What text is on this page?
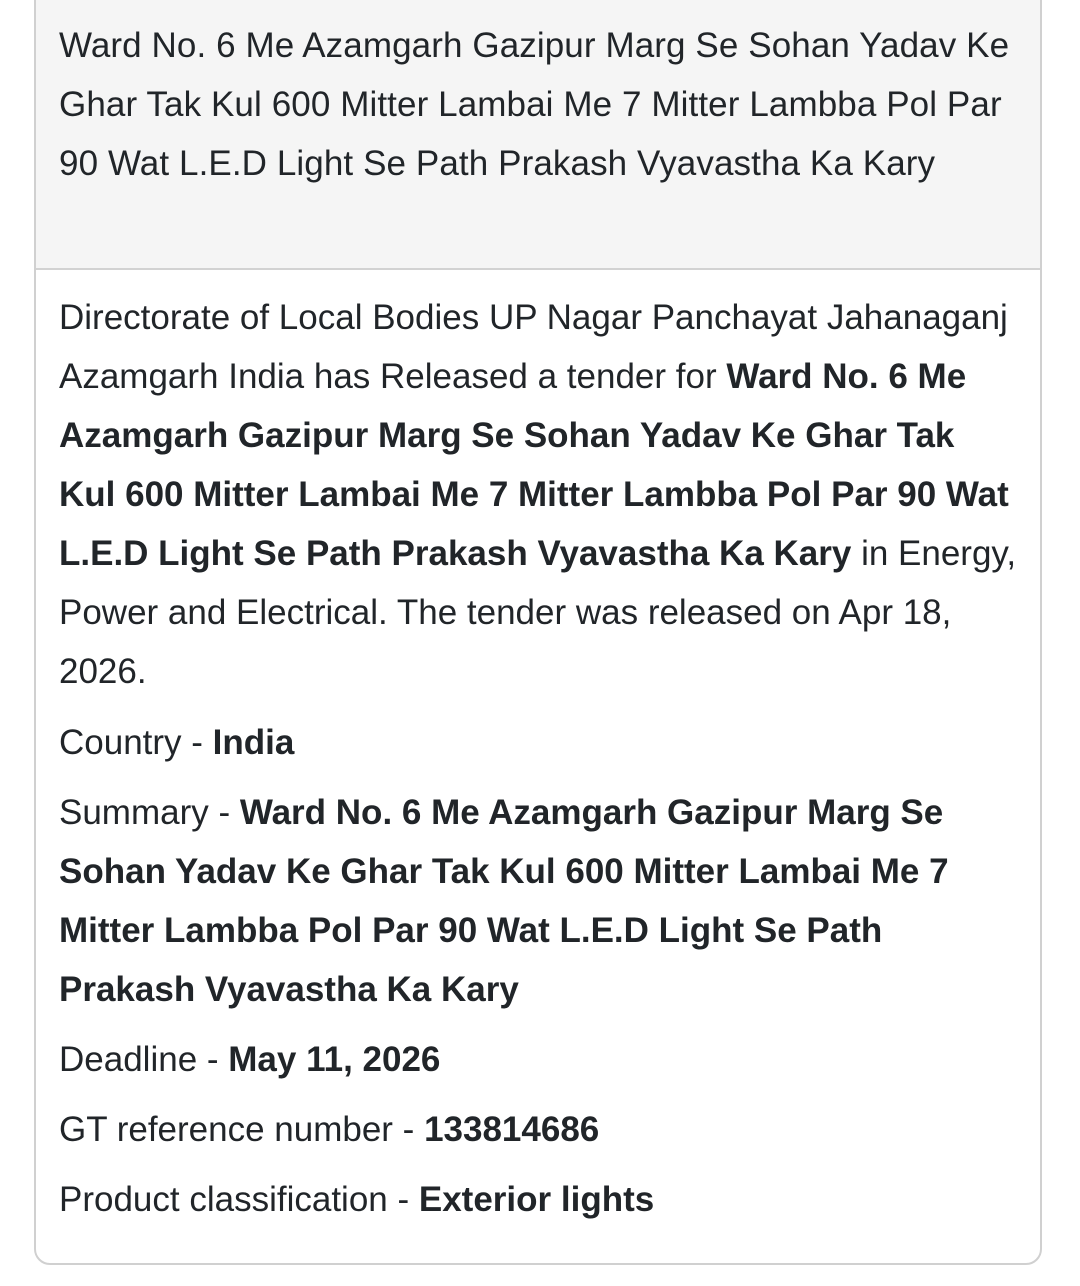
Ward No. 6 Me Azamgarh Gazipur Marg Se Sohan Yadav Ke Ghar Tak Kul 600 Mitter Lambai Me 7 Mitter Lambba Pol Par 90 Wat L.E.D Light Se Path Prakash Vyavastha Ka Kary

Directorate of Local Bodies UP Nagar Panchayat Jahanaganj Azamgarh India has Released a tender for Ward No. 6 Me Azamgarh Gazipur Marg Se Sohan Yadav Ke Ghar Tak Kul 600 Mitter Lambai Me 7 Mitter Lambba Pol Par 90 Wat L.E.D Light Se Path Prakash Vyavastha Ka Kary in Energy, Power and Electrical. The tender was released on Apr 18, 2026.

Country - India

Summary - Ward No. 6 Me Azamgarh Gazipur Marg Se Sohan Yadav Ke Ghar Tak Kul 600 Mitter Lambai Me 7 Mitter Lambba Pol Par 90 Wat L.E.D Light Se Path Prakash Vyavastha Ka Kary

Deadline - May 11, 2026

GT reference number - 133814686

Product classification - Exterior lights
